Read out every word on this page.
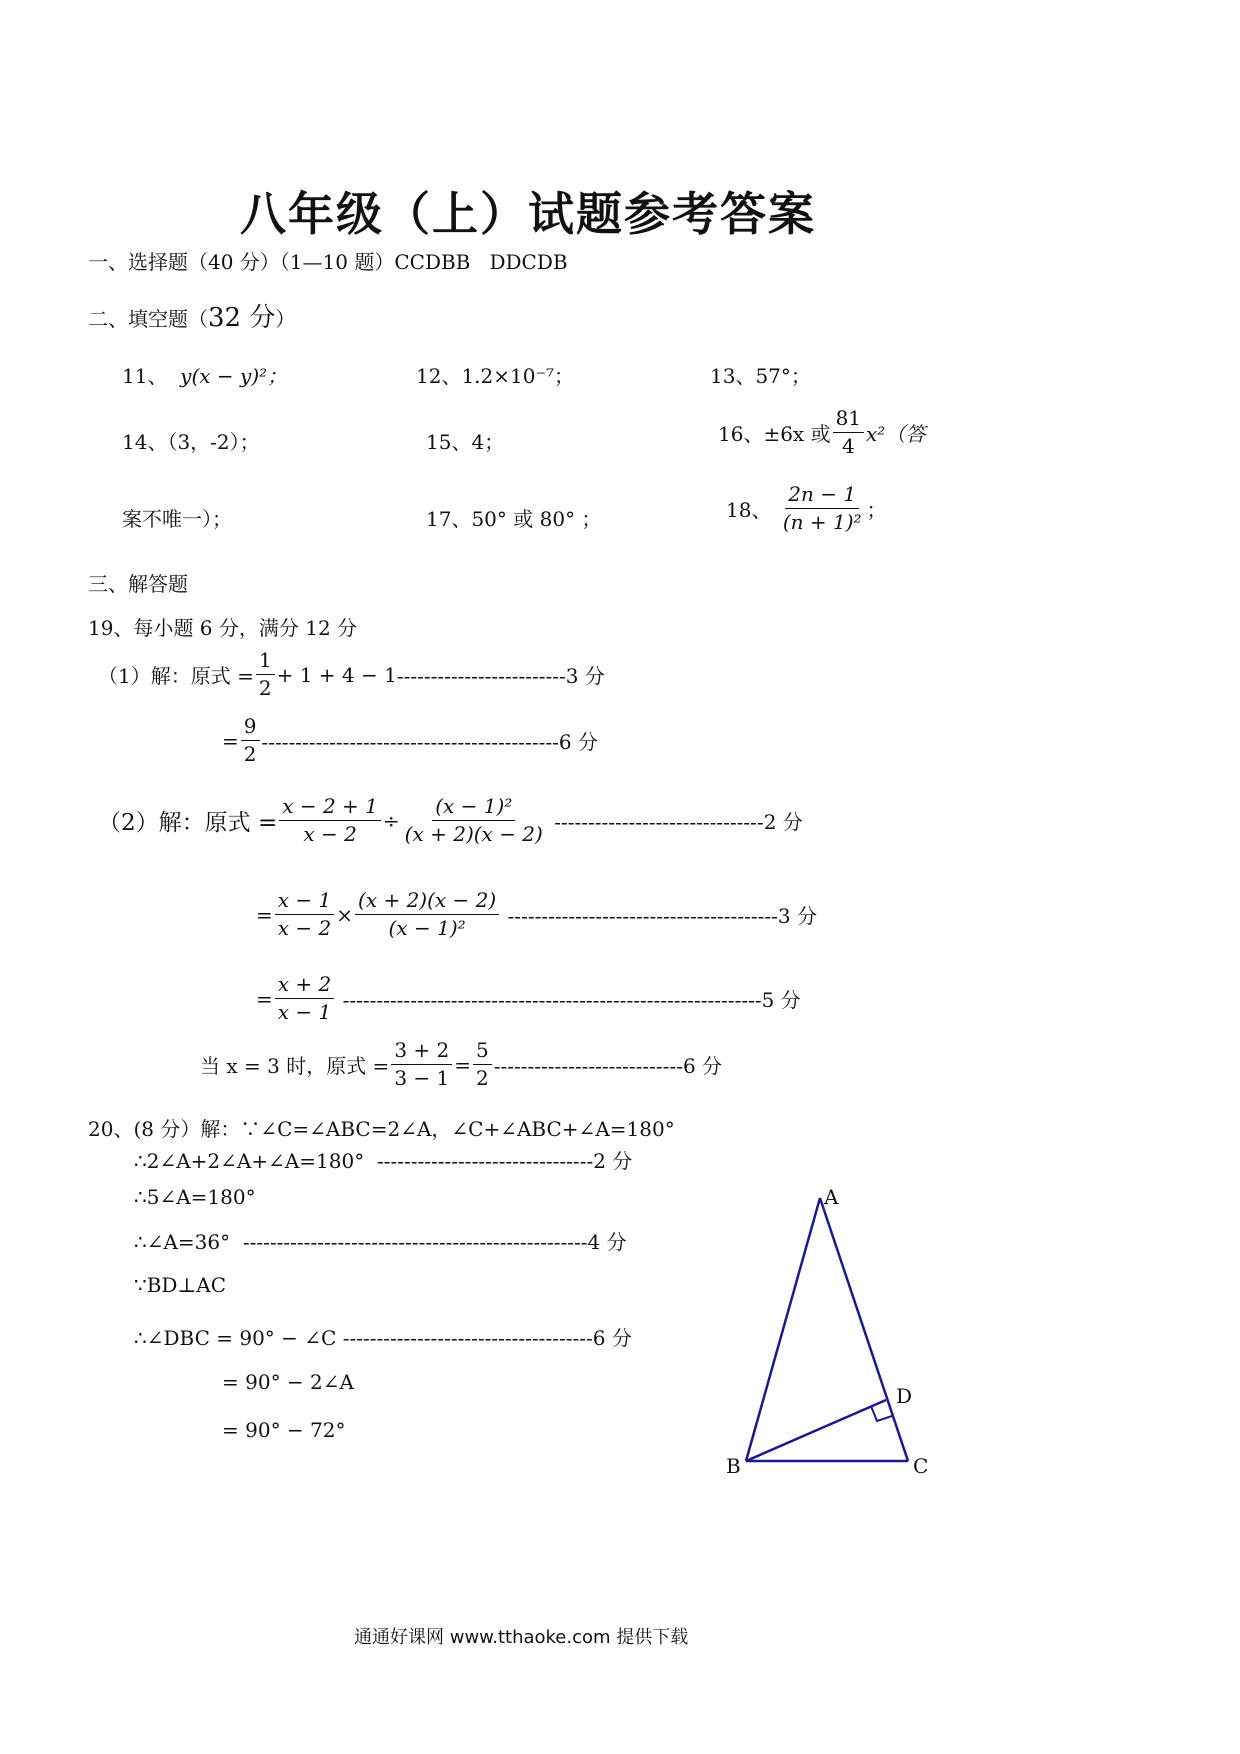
八年级（上）试题参考答案
一、选择题（40 分）（1—10 题）CCDBB DDCDB
二、填空题（32 分）
11、 y(x − y)²；	12、1.2×10⁻⁷；	13、57°；
14、（3，-2）；	15、4；	16、 ±6x 或 $\frac{81}{4} x^2$（答
案不唯一）；	17、50° 或 80° ；	18、
$\frac{2n - 1}{\text{(n + 1)²}}$ ；
三、解答题
19、每小题 6 分，满分 12 分
（1）解：原式 = $\frac{1}{2} + 1 + 4 - 1$ -------------------------3 分
= $\frac{9}{2} --------------------------------------------6$ 分
（2）解：原式 = $\frac{x - 2 + 1}{x - 2} \div \frac{\text{(x − 1)²}}{(x + 2)(x - 2)}$
-------------------------------2 分
= $\frac{x - 1}{x - 2} \times \frac{(x + 2)(x - 2)}{\text{(x − 1)²}}$
----------------------------------------3 分
= $\frac{x + 2}{x - 1}$
--------------------------------------------------------------5 分
当 x = 3 时，原式 = $\frac{3 + 2}{3 - 1} = \frac{5}{2} ----------------------------6$ 分
20、(8 分）解：∵∠C=∠ABC=2∠A，∠C+∠ABC+∠A=180°
∴2∠A+2∠A+∠A=180° --------------------------------2 分
∴5∠A=180°
∴∠A=36° ---------------------------------------------------4 分
∵BD⊥AC
∴∠DBC = 90° − ∠C -------------------------------------6 分
= 90° − 2∠A
= 90° − 72°
A
B	C
D
通通好课网 www.tthaoke.com 提供下载
